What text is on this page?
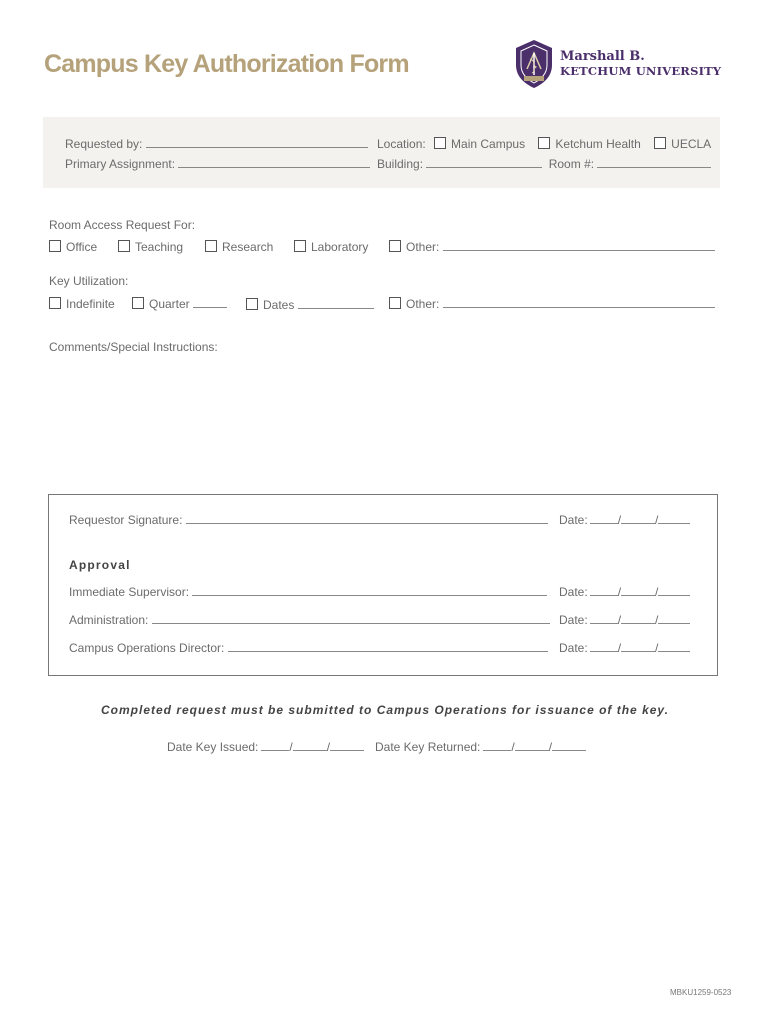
Campus Key Authorization Form	Marshall B.
KETCHUM UNIVERSITY
Requested by:
Primary Assignment:
Location: Main Campus	Ketchum Health	UECLA
Building:	Room #:
Room Access Request For:
Office	Teaching	Research	Laboratory	Other:
Key Utilization:
Indefinite	Quarter	Dates	Other:
Comments/Special Instructions:
Requestor Signature:	Date:	/	/
Approval
Immediate Supervisor:	Date:	/	/
Administration:	Date:	/	/
Campus Operations Director:	Date:	/	/
Completed request must be submitted to Campus Operations for issuance of the key.
Date Key Issued:	/	/	Date Key Returned:	/	/
MBKU1259-0523
